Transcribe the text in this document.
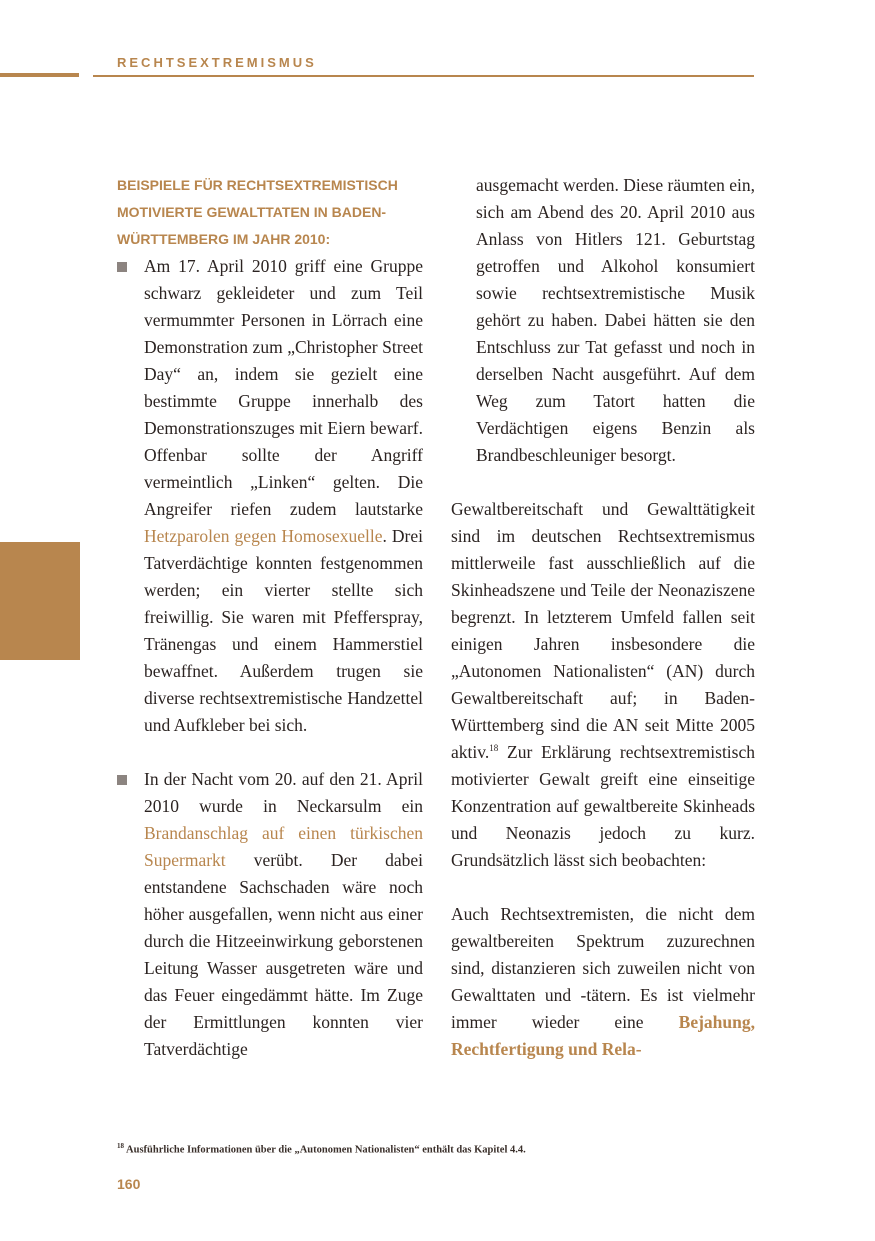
RECHTSEXTREMISMUS
BEISPIELE FÜR RECHTSEXTREMISTISCH MOTIVIERTE GEWALTTATEN IN BADEN-WÜRTTEMBERG IM JAHR 2010:
Am 17. April 2010 griff eine Gruppe schwarz gekleideter und zum Teil vermummter Personen in Lörrach eine Demonstration zum „Christopher Street Day“ an, indem sie gezielt eine bestimmte Gruppe innerhalb des Demonstrationszuges mit Eiern bewarf. Offenbar sollte der Angriff vermeintlich „Linken“ gelten. Die Angreifer riefen zudem lautstarke Hetzparolen gegen Homosexuelle. Drei Tatverdächtige konnten festgenommen werden; ein vierter stellte sich freiwillig. Sie waren mit Pfefferspray, Tränengas und einem Hammerstiel bewaffnet. Außerdem trugen sie diverse rechtsextremistische Handzettel und Aufkleber bei sich.
In der Nacht vom 20. auf den 21. April 2010 wurde in Neckarsulm ein Brandanschlag auf einen türkischen Supermarkt verübt. Der dabei entstandene Sachschaden wäre noch höher ausgefallen, wenn nicht aus einer durch die Hitzeeinwirkung geborstenen Leitung Wasser ausgetreten wäre und das Feuer eingedämmt hätte. Im Zuge der Ermittlungen konnten vier Tatverdächtige

ausgemacht werden. Diese räumten ein, sich am Abend des 20. April 2010 aus Anlass von Hitlers 121. Geburtstag getroffen und Alkohol konsumiert sowie rechtsextremistische Musik gehört zu haben. Dabei hätten sie den Entschluss zur Tat gefasst und noch in derselben Nacht ausgeführt. Auf dem Weg zum Tatort hatten die Verdächtigen eigens Benzin als Brandbeschleuniger besorgt.

Gewaltbereitschaft und Gewalttätigkeit sind im deutschen Rechtsextremismus mittlerweile fast ausschließlich auf die Skinheadszene und Teile der Neonaziszene begrenzt. In letzterem Umfeld fallen seit einigen Jahren insbesondere die „Autonomen Nationalisten“ (AN) durch Gewaltbereitschaft auf; in Baden-Württemberg sind die AN seit Mitte 2005 aktiv.$^{18}$ Zur Erklärung rechtsextremistisch motivierter Gewalt greift eine einseitige Konzentration auf gewaltbereite Skinheads und Neonazis jedoch zu kurz. Grundsätzlich lässt sich beobachten:

Auch Rechtsextremisten, die nicht dem gewaltbereiten Spektrum zuzurechnen sind, distanzieren sich zuweilen nicht von Gewalttaten und -tätern. Es ist vielmehr immer wieder eine Bejahung, Rechtfertigung und Rela-

$^{18}$ Ausführliche Informationen über die „Autonomen Nationalisten“ enthält das Kapitel 4.4.
160
